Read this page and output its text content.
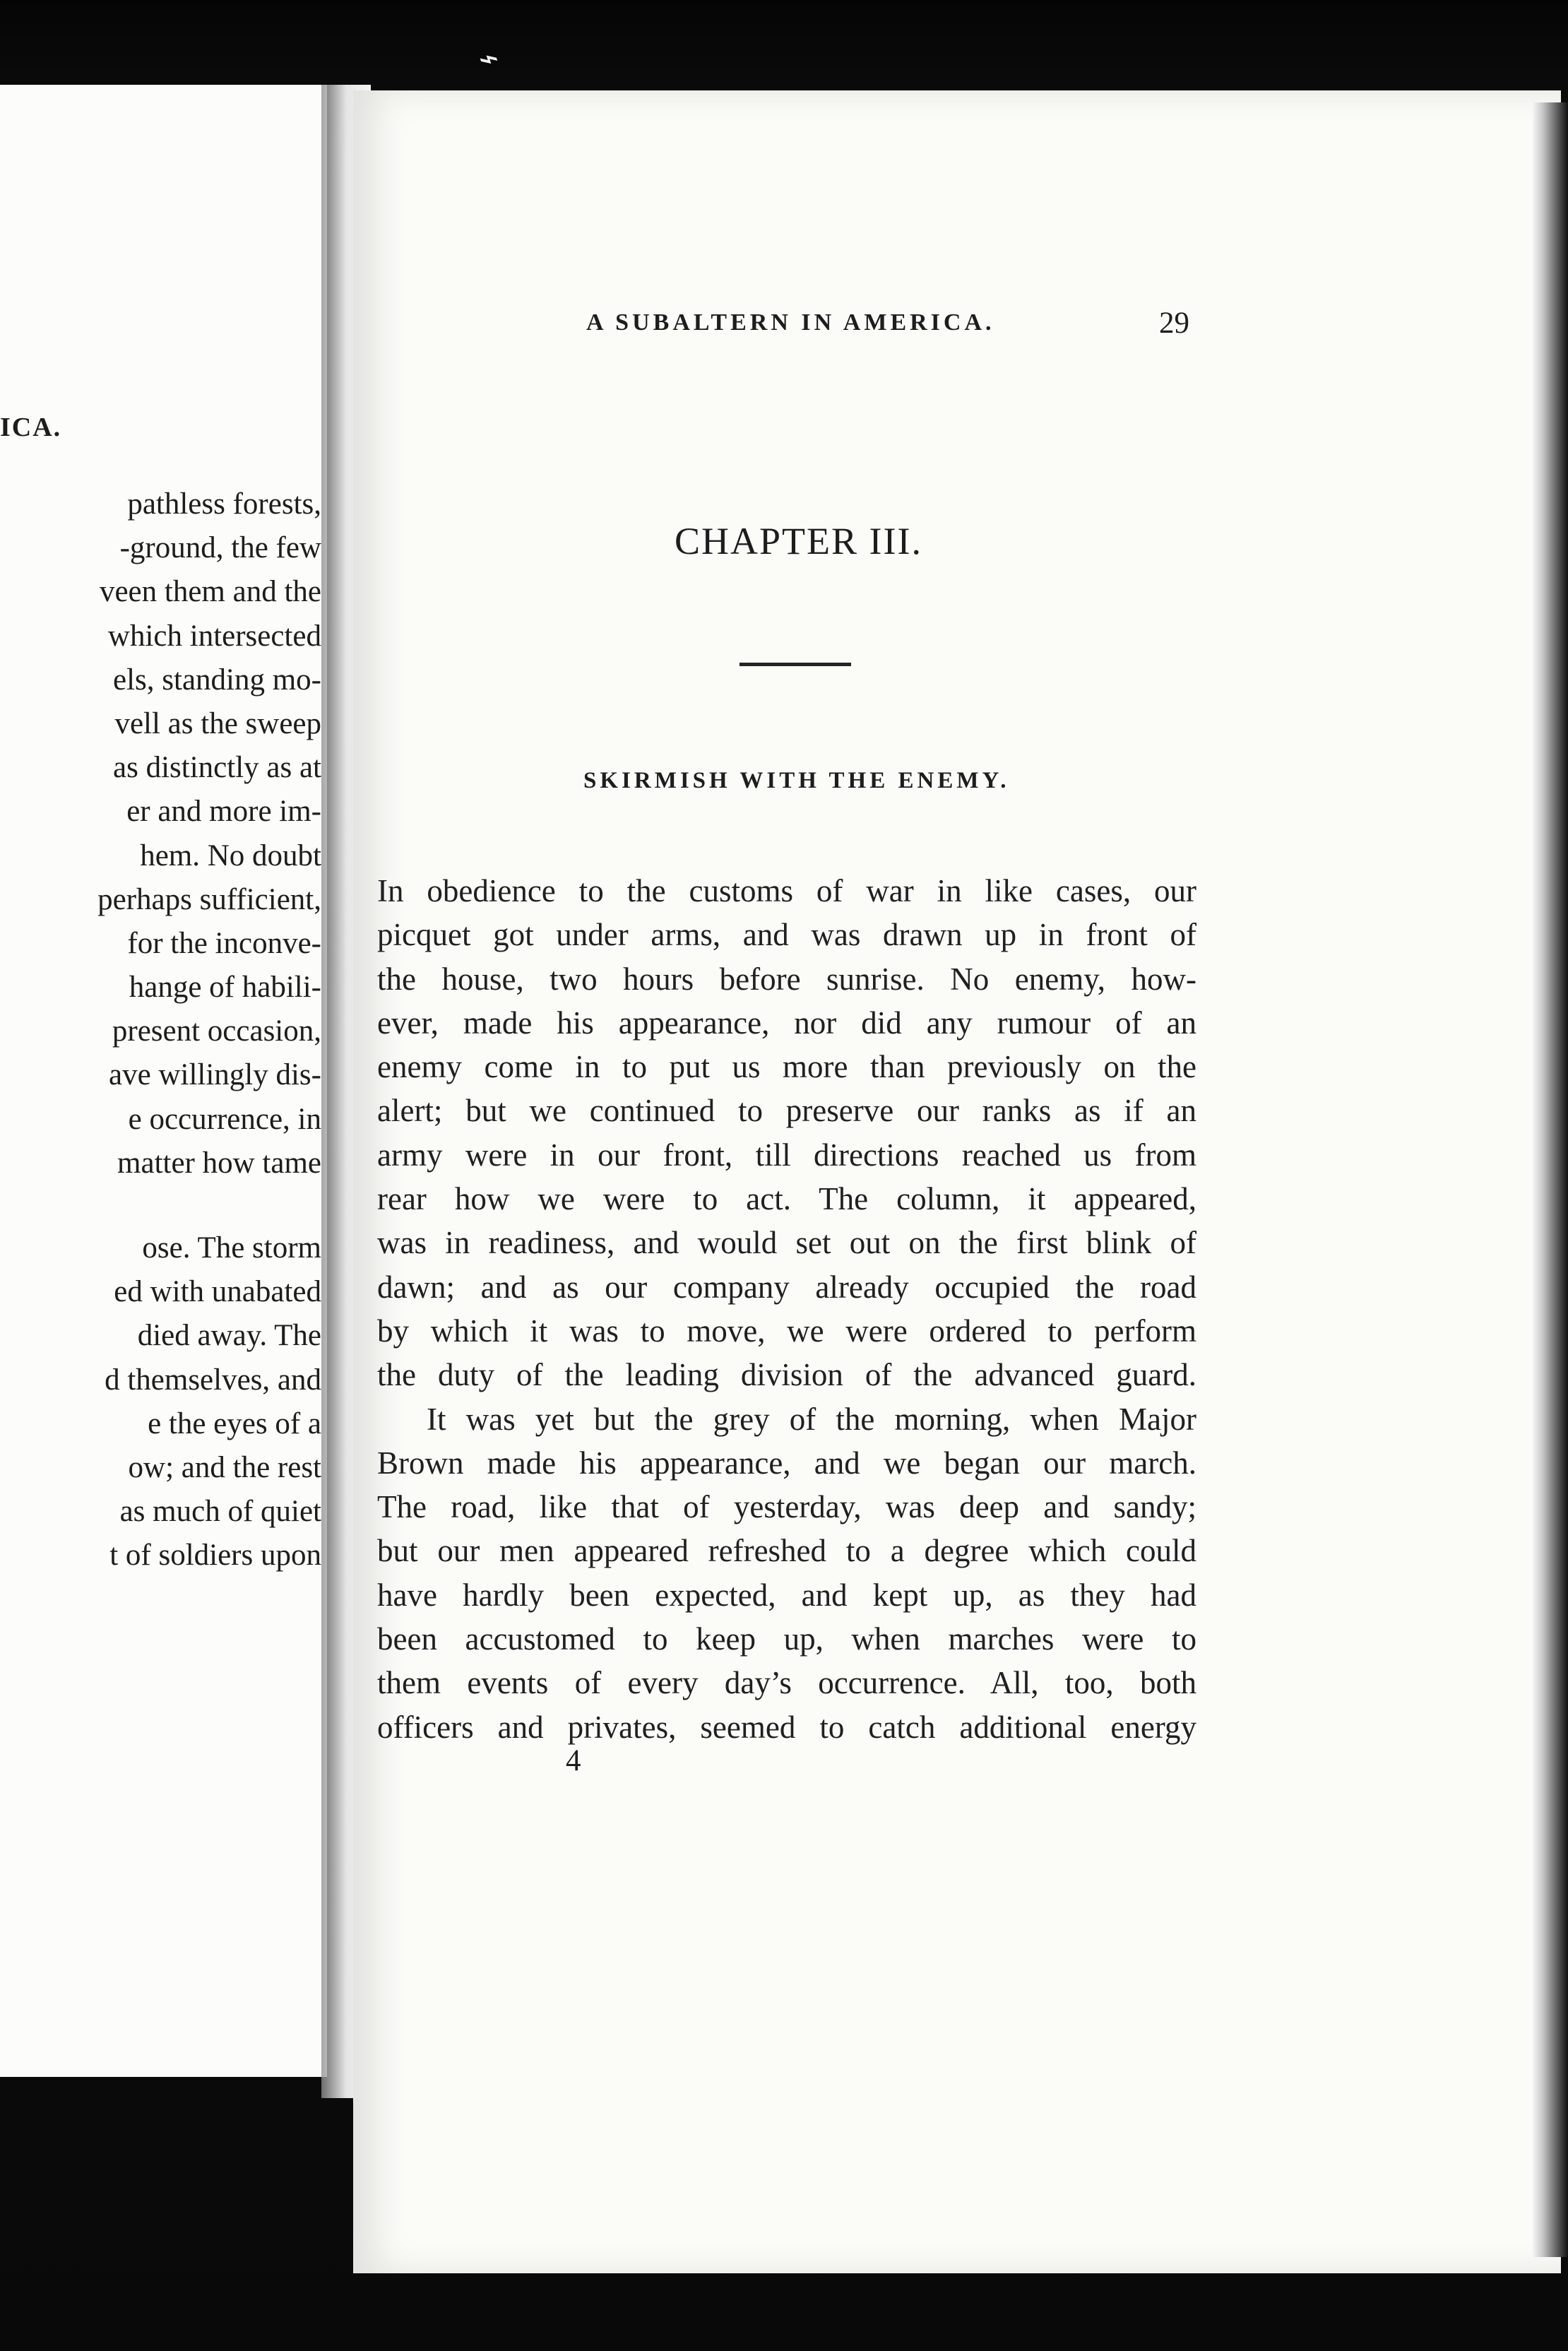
⌁
ICA.
pathless forests,
-ground, the few
veen them and the
which intersected
els, standing mo-
vell as the sweep
as distinctly as at
er and more im-
hem. No doubt
perhaps sufficient,
for the inconve-
hange of habili-
present occasion,
ave willingly dis-
e occurrence, in
matter how tame
ose. The storm
ed with unabated
died away. The
d themselves, and
e the eyes of a
ow; and the rest
as much of quiet
t of soldiers upon
A SUBALTERN IN AMERICA.	29
CHAPTER III.
SKIRMISH WITH THE ENEMY.
In obedience to the customs of war in like cases, our
picquet got under arms, and was drawn up in front of
the house, two hours before sunrise. No enemy, how-
ever, made his appearance, nor did any rumour of an
enemy come in to put us more than previously on the
alert; but we continued to preserve our ranks as if an
army were in our front, till directions reached us from
rear how we were to act. The column, it appeared,
was in readiness, and would set out on the first blink of
dawn; and as our company already occupied the road
by which it was to move, we were ordered to perform
the duty of the leading division of the advanced guard.
It was yet but the grey of the morning, when Major
Brown made his appearance, and we began our march.
The road, like that of yesterday, was deep and sandy;
but our men appeared refreshed to a degree which could
have hardly been expected, and kept up, as they had
been accustomed to keep up, when marches were to
them events of every day’s occurrence. All, too, both
officers and privates, seemed to catch additional energy
4
